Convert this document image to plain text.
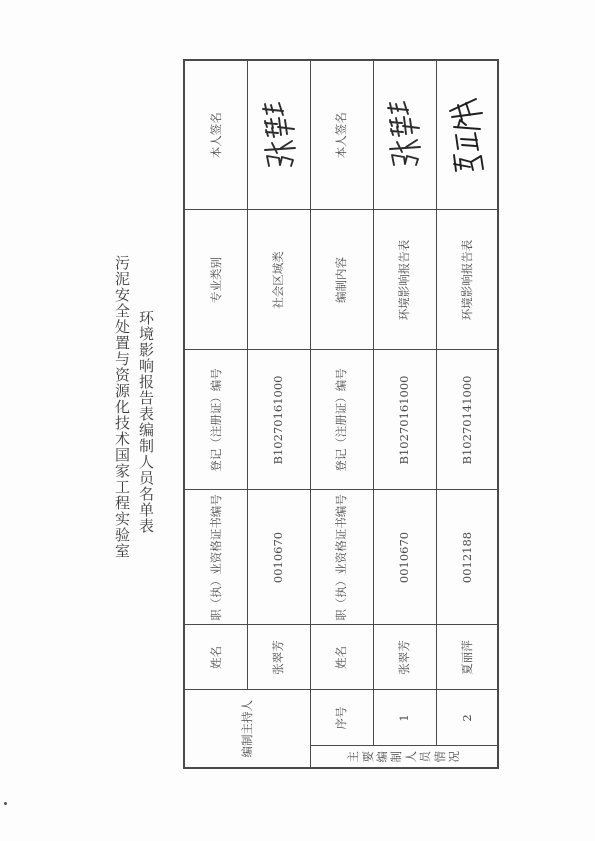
污泥安全处置与资源化技术国家工程实验室 环境影响报告表编制人员名单表
编制主持人		姓名	职（执）业资格证书编号	登记（注册证）编号	专业类别	本人签名
		张翠芳	0010670	B10270161000	社会区域类	

主要编制人员情况	序号	姓名	职（执）业资格证书编号	登记（注册证）编号	编制内容	本人签名
	1	张翠芳	0010670	B10270161000	环境影响报告表	

	2	夏丽萍	0012188	B10270141000	环境影响报告表	
